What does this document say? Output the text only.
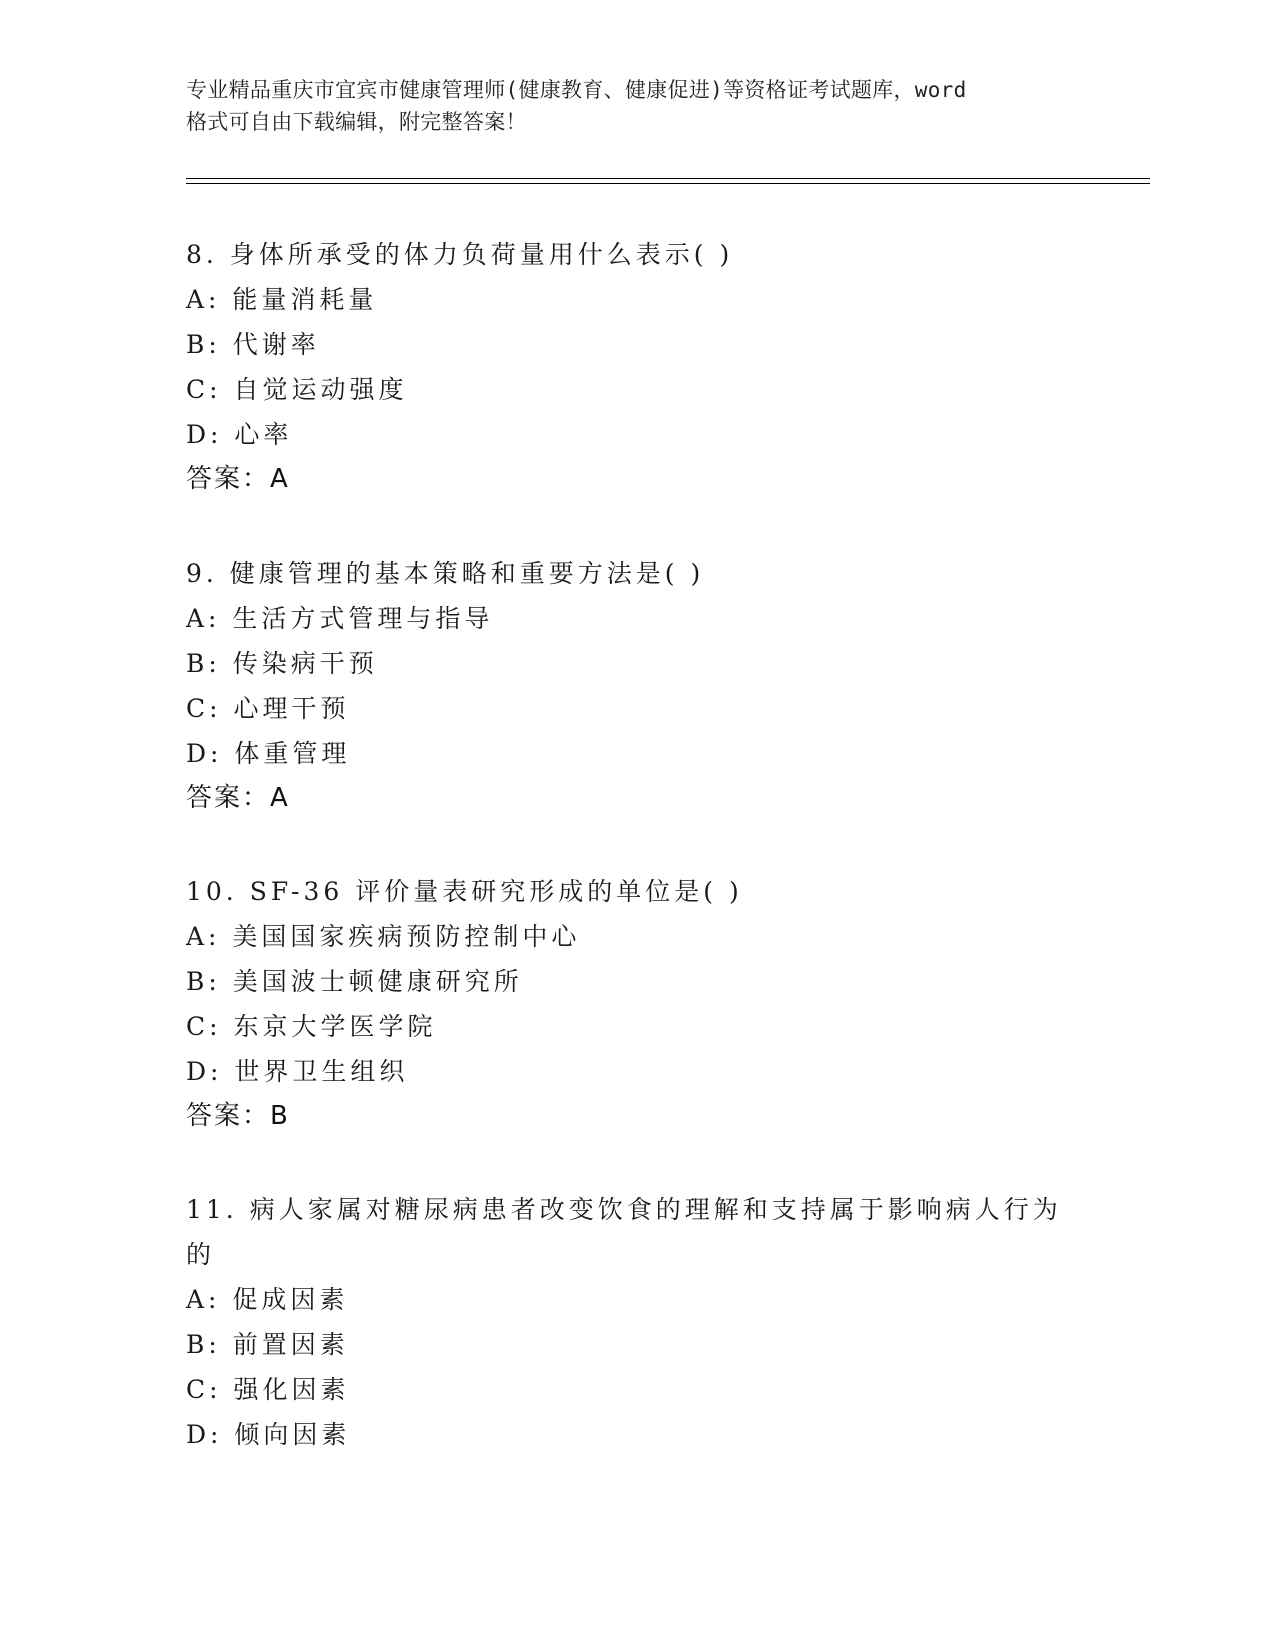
专业精品重庆市宜宾市健康管理师(健康教育、健康促进)等资格证考试题库，word
格式可自由下载编辑，附完整答案！
8. 身体所承受的体力负荷量用什么表示( )
A: 能量消耗量
B: 代谢率
C: 自觉运动强度
D: 心率
答案：A
9. 健康管理的基本策略和重要方法是( )
A: 生活方式管理与指导
B: 传染病干预
C: 心理干预
D: 体重管理
答案：A
10. SF-36 评价量表研究形成的单位是( )
A: 美国国家疾病预防控制中心
B: 美国波士顿健康研究所
C: 东京大学医学院
D: 世界卫生组织
答案：B
11. 病人家属对糖尿病患者改变饮食的理解和支持属于影响病人行为
的
A: 促成因素
B: 前置因素
C: 强化因素
D: 倾向因素
